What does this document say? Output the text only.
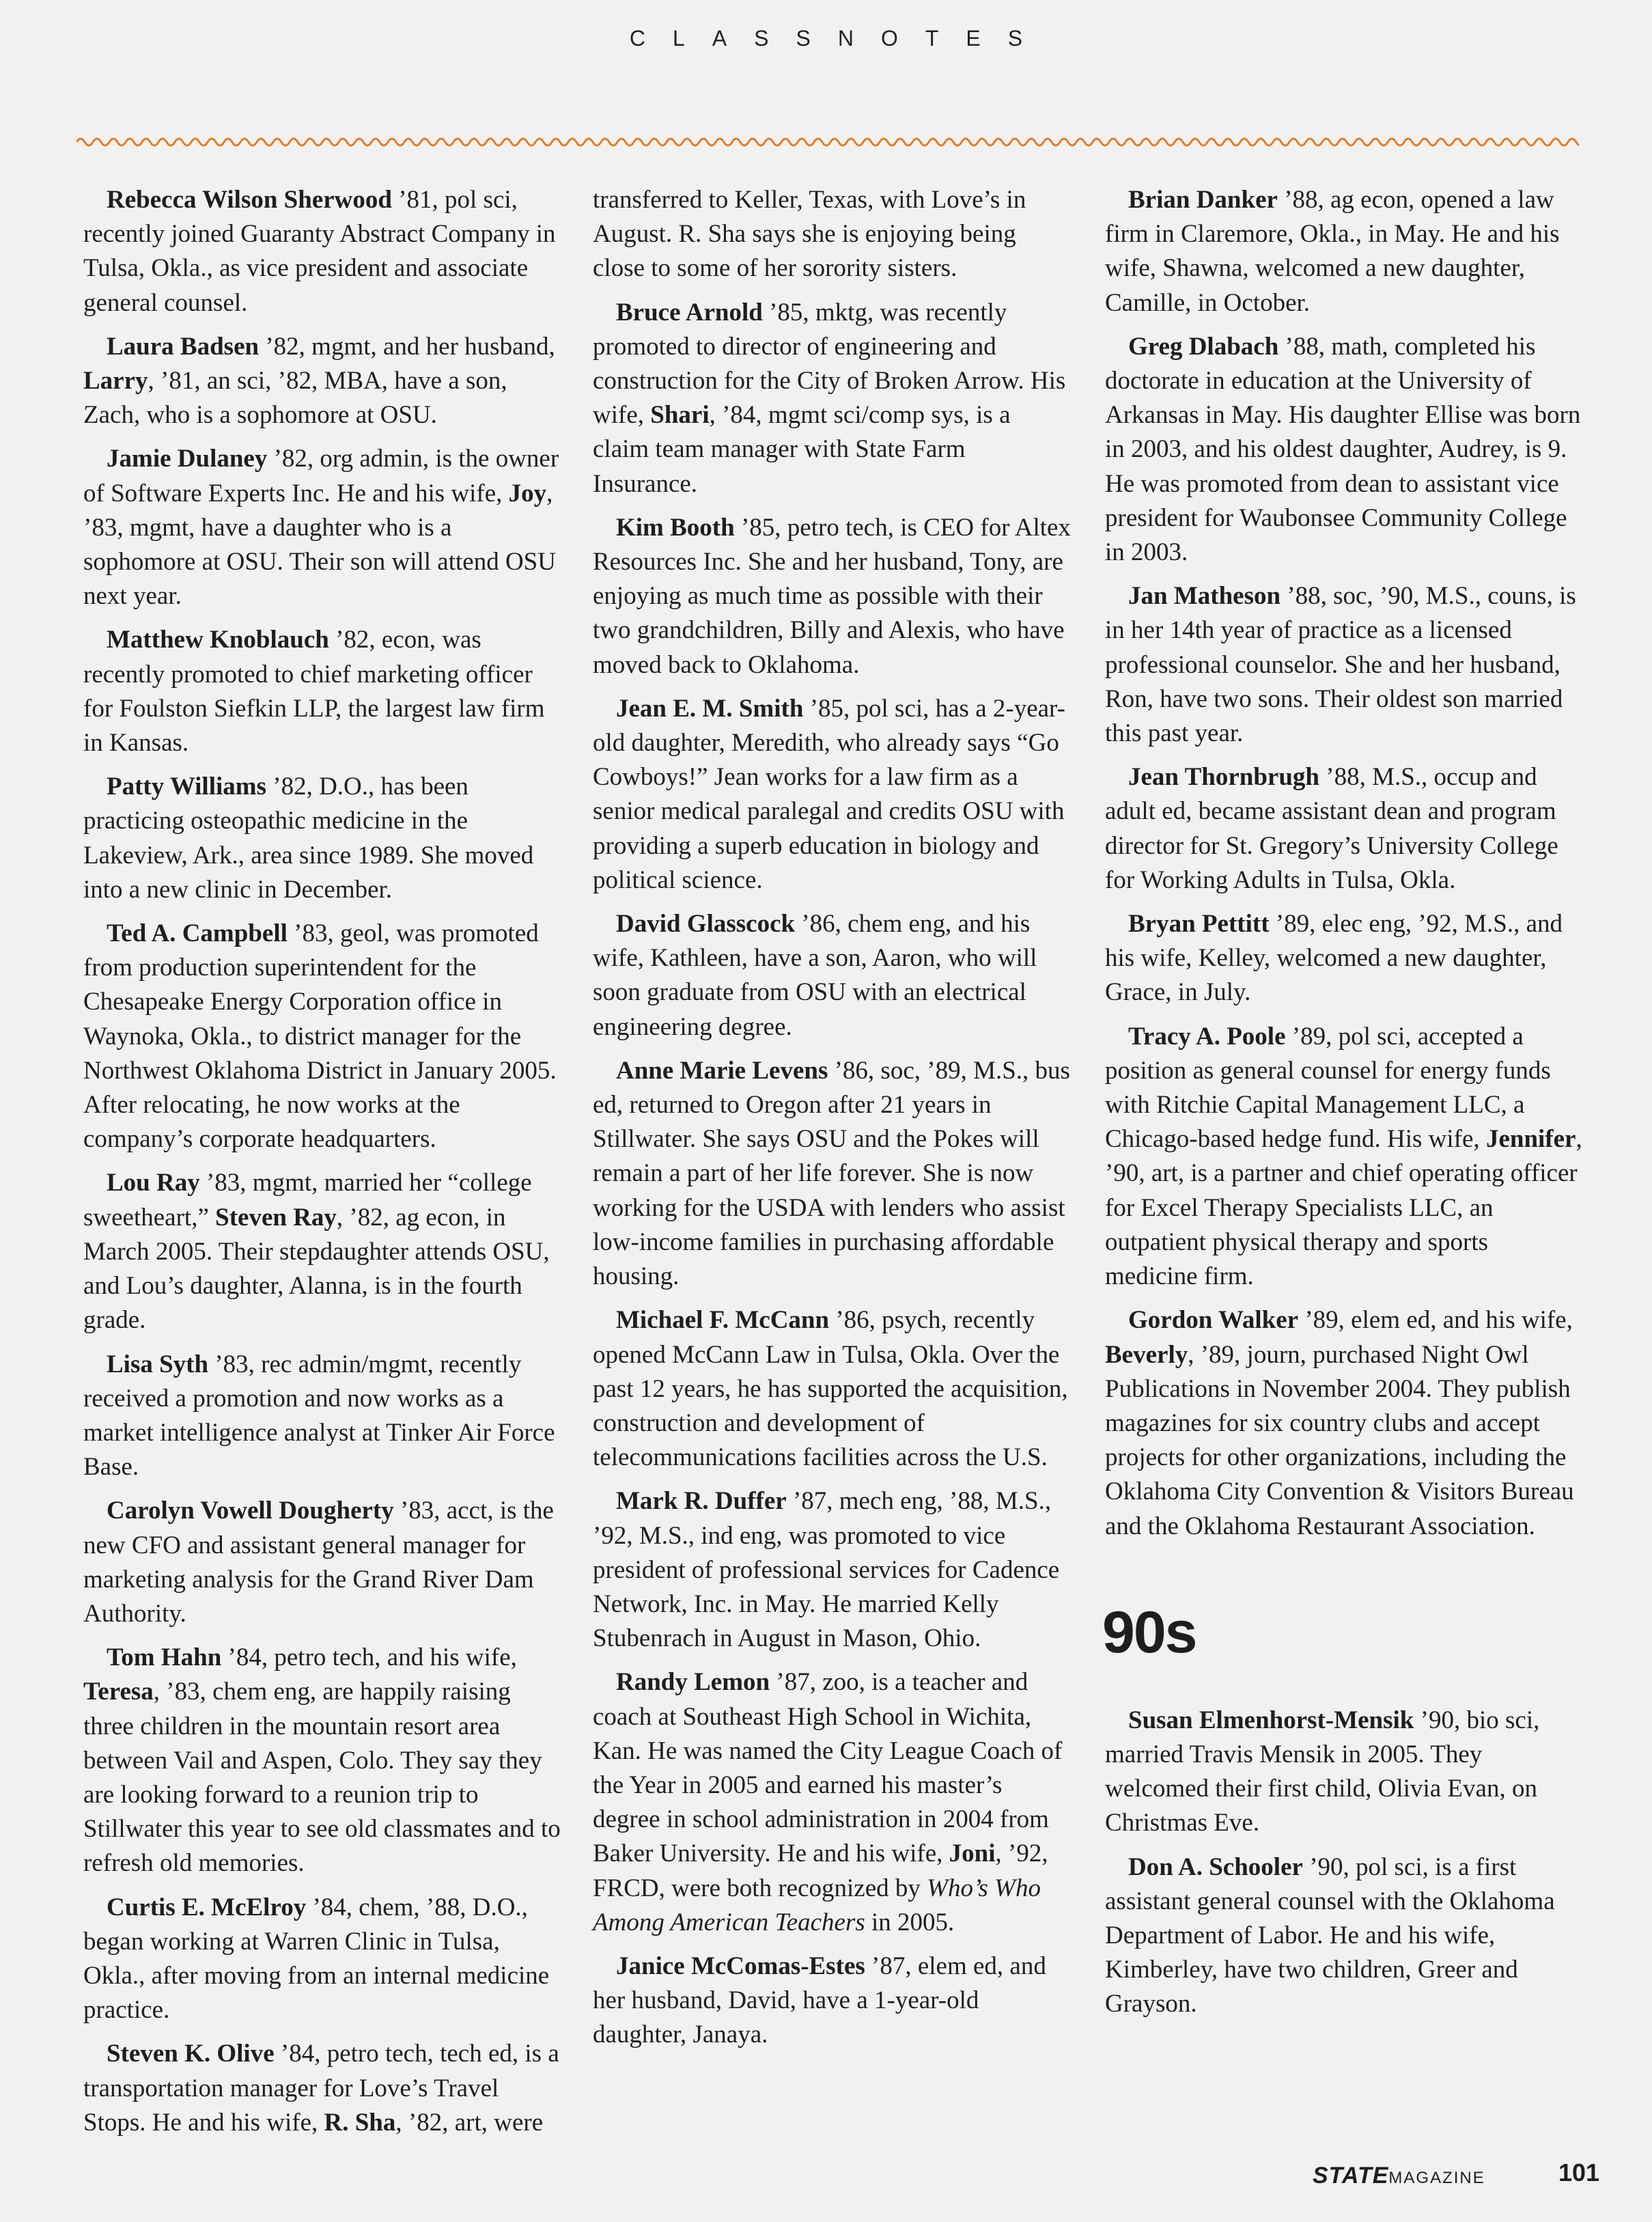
CLASSNOTES

Rebecca Wilson Sherwood ’81, pol sci, recently joined Guaranty Abstract Company in Tulsa, Okla., as vice president and associate general counsel.

Laura Badsen ’82, mgmt, and her husband, Larry, ’81, an sci, ’82, MBA, have a son, Zach, who is a sophomore at OSU.

Jamie Dulaney ’82, org admin, is the owner of Software Experts Inc. He and his wife, Joy, ’83, mgmt, have a daughter who is a sophomore at OSU. Their son will attend OSU next year.

Matthew Knoblauch ’82, econ, was recently promoted to chief marketing officer for Foulston Siefkin LLP, the largest law firm in Kansas.

Patty Williams ’82, D.O., has been practicing osteopathic medicine in the Lakeview, Ark., area since 1989. She moved into a new clinic in December.

Ted A. Campbell ’83, geol, was promoted from production superintendent for the Chesapeake Energy Corporation office in Waynoka, Okla., to district manager for the Northwest Oklahoma District in January 2005. After relocating, he now works at the company’s corporate headquarters.

Lou Ray ’83, mgmt, married her “college sweetheart,” Steven Ray, ’82, ag econ, in March 2005. Their stepdaughter attends OSU, and Lou’s daughter, Alanna, is in the fourth grade.

Lisa Syth ’83, rec admin/mgmt, recently received a promotion and now works as a market intelligence analyst at Tinker Air Force Base.

Carolyn Vowell Dougherty ’83, acct, is the new CFO and assistant general manager for marketing analysis for the Grand River Dam Authority.

Tom Hahn ’84, petro tech, and his wife, Teresa, ’83, chem eng, are happily raising three children in the mountain resort area between Vail and Aspen, Colo. They say they are looking forward to a reunion trip to Stillwater this year to see old classmates and to refresh old memories.

Curtis E. McElroy ’84, chem, ’88, D.O., began working at Warren Clinic in Tulsa, Okla., after moving from an internal medicine practice.

Steven K. Olive ’84, petro tech, tech ed, is a transportation manager for Love’s Travel Stops. He and his wife, R. Sha, ’82, art, were

transferred to Keller, Texas, with Love’s in August. R. Sha says she is enjoying being close to some of her sorority sisters.

Bruce Arnold ’85, mktg, was recently promoted to director of engineering and construction for the City of Broken Arrow. His wife, Shari, ’84, mgmt sci/comp sys, is a claim team manager with State Farm Insurance.

Kim Booth ’85, petro tech, is CEO for Altex Resources Inc. She and her husband, Tony, are enjoying as much time as possible with their two grandchildren, Billy and Alexis, who have moved back to Oklahoma.

Jean E. M. Smith ’85, pol sci, has a 2-year-old daughter, Meredith, who already says “Go Cowboys!” Jean works for a law firm as a senior medical paralegal and credits OSU with providing a superb education in biology and political science.

David Glasscock ’86, chem eng, and his wife, Kathleen, have a son, Aaron, who will soon graduate from OSU with an electrical engineering degree.

Anne Marie Levens ’86, soc, ’89, M.S., bus ed, returned to Oregon after 21 years in Stillwater. She says OSU and the Pokes will remain a part of her life forever. She is now working for the USDA with lenders who assist low-income families in purchasing affordable housing.

Michael F. McCann ’86, psych, recently opened McCann Law in Tulsa, Okla. Over the past 12 years, he has supported the acquisition, construction and development of telecommunications facilities across the U.S.

Mark R. Duffer ’87, mech eng, ’88, M.S., ’92, M.S., ind eng, was promoted to vice president of professional services for Cadence Network, Inc. in May. He married Kelly Stubenrach in August in Mason, Ohio.

Randy Lemon ’87, zoo, is a teacher and coach at Southeast High School in Wichita, Kan. He was named the City League Coach of the Year in 2005 and earned his master’s degree in school administration in 2004 from Baker University. He and his wife, Joni, ’92, FRCD, were both recognized by Who’s Who Among American Teachers in 2005.

Janice McComas-Estes ’87, elem ed, and her husband, David, have a 1-year-old daughter, Janaya.

Brian Danker ’88, ag econ, opened a law firm in Claremore, Okla., in May. He and his wife, Shawna, welcomed a new daughter, Camille, in October.

Greg Dlabach ’88, math, completed his doctorate in education at the University of Arkansas in May. His daughter Ellise was born in 2003, and his oldest daughter, Audrey, is 9. He was promoted from dean to assistant vice president for Waubonsee Community College in 2003.

Jan Matheson ’88, soc, ’90, M.S., couns, is in her 14th year of practice as a licensed professional counselor. She and her husband, Ron, have two sons. Their oldest son married this past year.

Jean Thornbrugh ’88, M.S., occup and adult ed, became assistant dean and program director for St. Gregory’s University College for Working Adults in Tulsa, Okla.

Bryan Pettitt ’89, elec eng, ’92, M.S., and his wife, Kelley, welcomed a new daughter, Grace, in July.

Tracy A. Poole ’89, pol sci, accepted a position as general counsel for energy funds with Ritchie Capital Management LLC, a Chicago-based hedge fund. His wife, Jennifer, ’90, art, is a partner and chief operating officer for Excel Therapy Specialists LLC, an outpatient physical therapy and sports medicine firm.

Gordon Walker ’89, elem ed, and his wife, Beverly, ’89, journ, purchased Night Owl Publications in November 2004. They publish magazines for six country clubs and accept projects for other organizations, including the Oklahoma City Convention & Visitors Bureau and the Oklahoma Restaurant Association.

90s

Susan Elmenhorst-Mensik ’90, bio sci, married Travis Mensik in 2005. They welcomed their first child, Olivia Evan, on Christmas Eve.

Don A. Schooler ’90, pol sci, is a first assistant general counsel with the Oklahoma Department of Labor. He and his wife, Kimberley, have two children, Greer and Grayson.

STATEMAGAZINE	101
